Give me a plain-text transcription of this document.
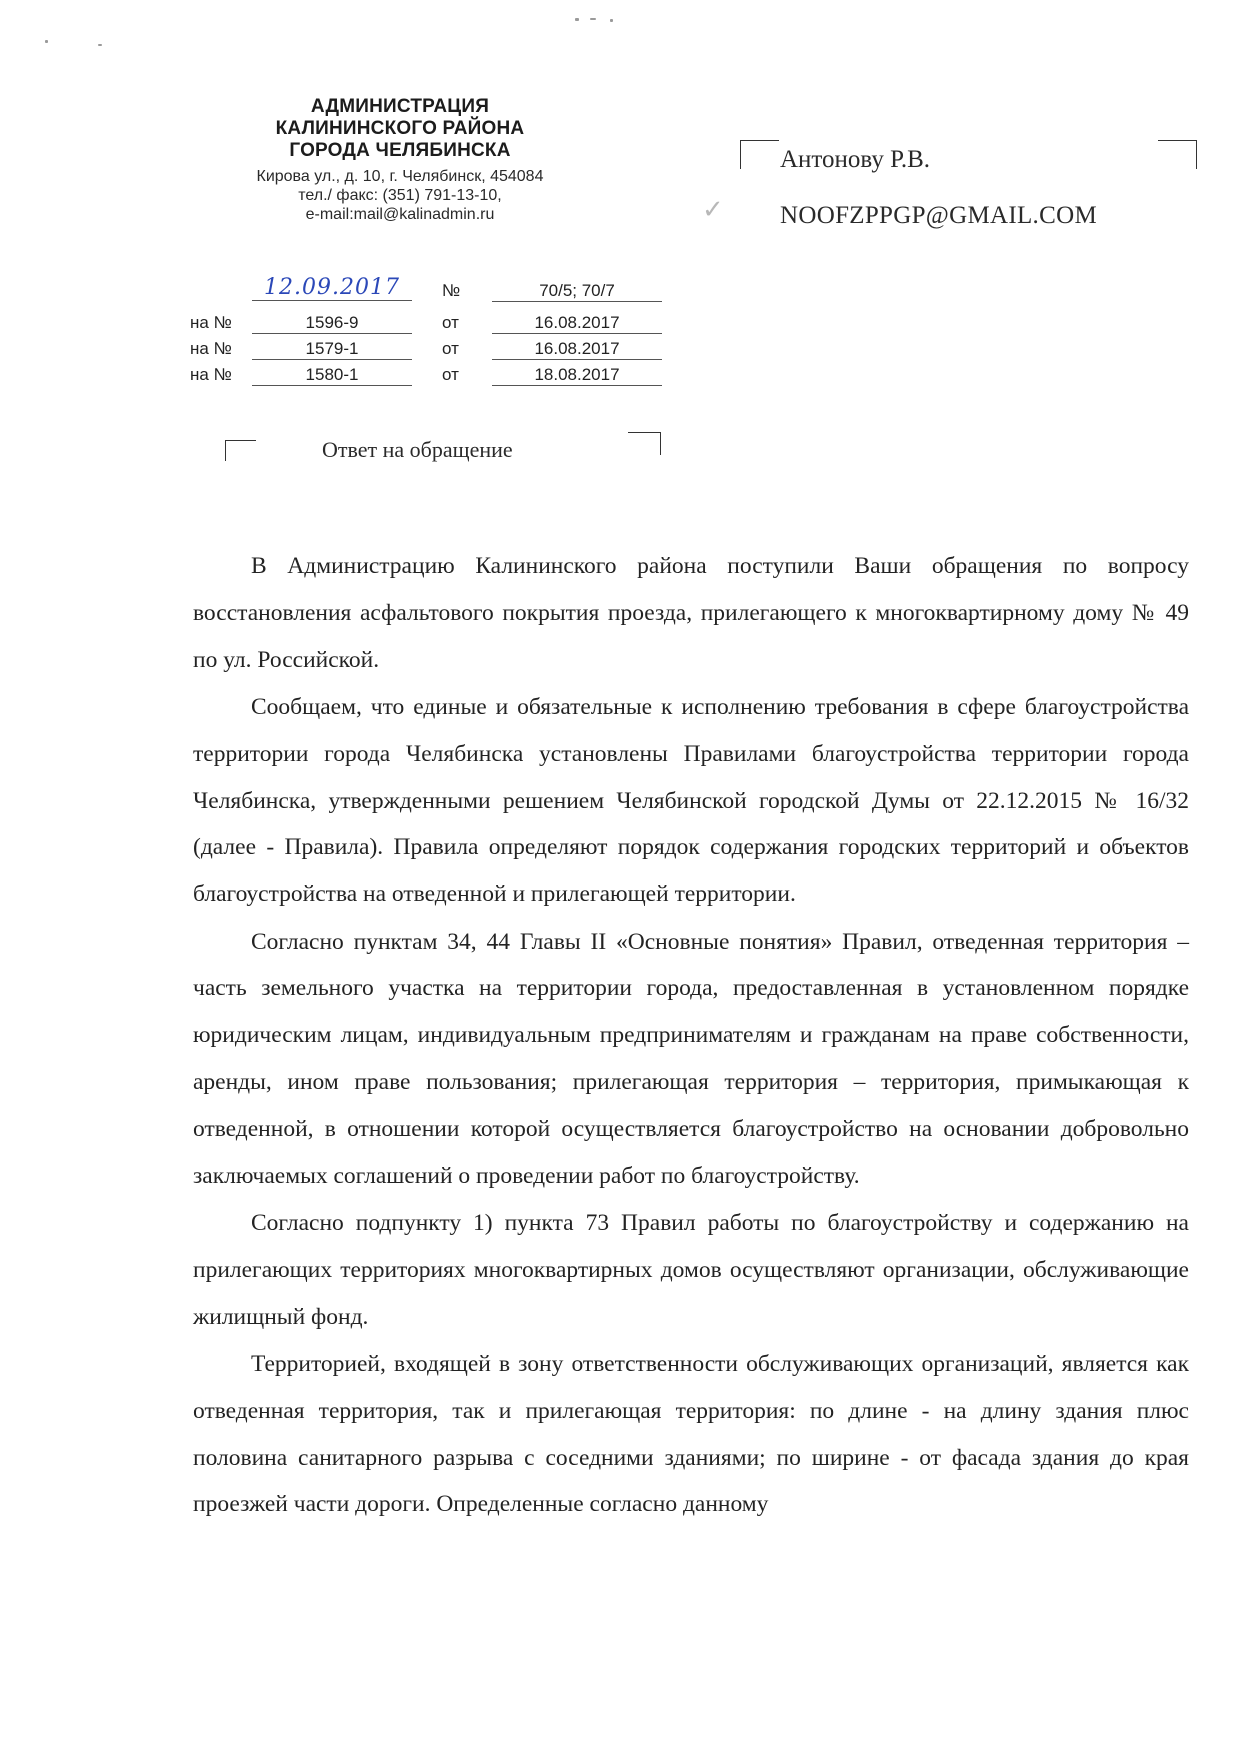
АДМИНИСТРАЦИЯ
КАЛИНИНСКОГО РАЙОНА
ГОРОДА ЧЕЛЯБИНСКА
Кирова ул., д. 10, г. Челябинск, 454084
тел./ факс: (351) 791-13-10,
e-mail:mail@kalinadmin.ru	✓
Антонову Р.В.
NOOFZPPGP@GMAIL.COM
12.09.2017	№	70/5; 70/7
на №	1596-9	от	16.08.2017
на №	1579-1	от	16.08.2017
на №	1580-1	от	18.08.2017
Ответ на обращение

В Администрацию Калининского района поступили Ваши обращения по вопросу восстановления асфальтового покрытия проезда, прилегающего к многоквартирному дому № 49 по ул. Российской.

Сообщаем, что единые и обязательные к исполнению требования в сфере благоустройства территории города Челябинска установлены Правилами благоустройства территории города Челябинска, утвержденными решением Челябинской городской Думы от 22.12.2015 № 16/32 (далее - Правила). Правила определяют порядок содержания городских территорий и объектов благоустройства на отведенной и прилегающей территории.

Согласно пунктам 34, 44 Главы II «Основные понятия» Правил, отведенная территория – часть земельного участка на территории города, предоставленная в установленном порядке юридическим лицам, индивидуальным предпринимателям и гражданам на праве собственности, аренды, ином праве пользования; прилегающая территория – территория, примыкающая к отведенной, в отношении которой осуществляется благоустройство на основании добровольно заключаемых соглашений о проведении работ по благоустройству.

Согласно подпункту 1) пункта 73 Правил работы по благоустройству и содержанию на прилегающих территориях многоквартирных домов осуществляют организации, обслуживающие жилищный фонд.

Территорией, входящей в зону ответственности обслуживающих организаций, является как отведенная территория, так и прилегающая территория: по длине - на длину здания плюс половина санитарного разрыва с соседними зданиями; по ширине - от фасада здания до края проезжей части дороги. Определенные согласно данному
